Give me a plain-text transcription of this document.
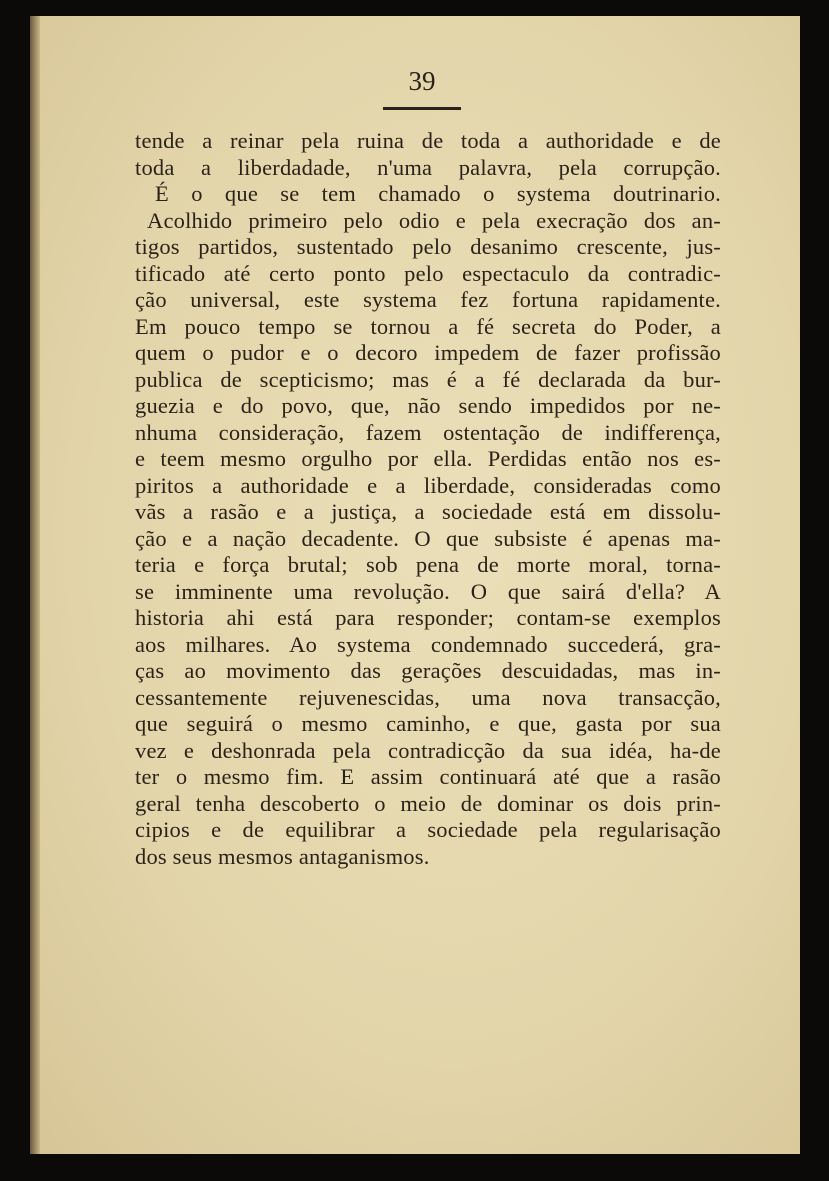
39
tende a reinar pela ruina de toda a authoridade e de
toda a liberdadade, n'uma palavra, pela corrupção.
É o que se tem chamado o systema doutrinario.
Acolhido primeiro pelo odio e pela execração dos an-
tigos partidos, sustentado pelo desanimo crescente, jus-
tificado até certo ponto pelo espectaculo da contradic-
ção universal, este systema fez fortuna rapidamente.
Em pouco tempo se tornou a fé secreta do Poder, a
quem o pudor e o decoro impedem de fazer profissão
publica de scepticismo; mas é a fé declarada da bur-
guezia e do povo, que, não sendo impedidos por ne-
nhuma consideração, fazem ostentação de indifferença,
e teem mesmo orgulho por ella. Perdidas então nos es-
piritos a authoridade e a liberdade, consideradas como
vãs a rasão e a justiça, a sociedade está em dissolu-
ção e a nação decadente. O que subsiste é apenas ma-
teria e força brutal; sob pena de morte moral, torna-
se imminente uma revolução. O que sairá d'ella? A
historia ahi está para responder; contam-se exemplos
aos milhares. Ao systema condemnado succederá, gra-
ças ao movimento das gerações descuidadas, mas in-
cessantemente rejuvenescidas, uma nova transacção,
que seguirá o mesmo caminho, e que, gasta por sua
vez e deshonrada pela contradicção da sua idéa, ha-de
ter o mesmo fim. E assim continuará até que a rasão
geral tenha descoberto o meio de dominar os dois prin-
cipios e de equilibrar a sociedade pela regularisação
dos seus mesmos antaganismos.
